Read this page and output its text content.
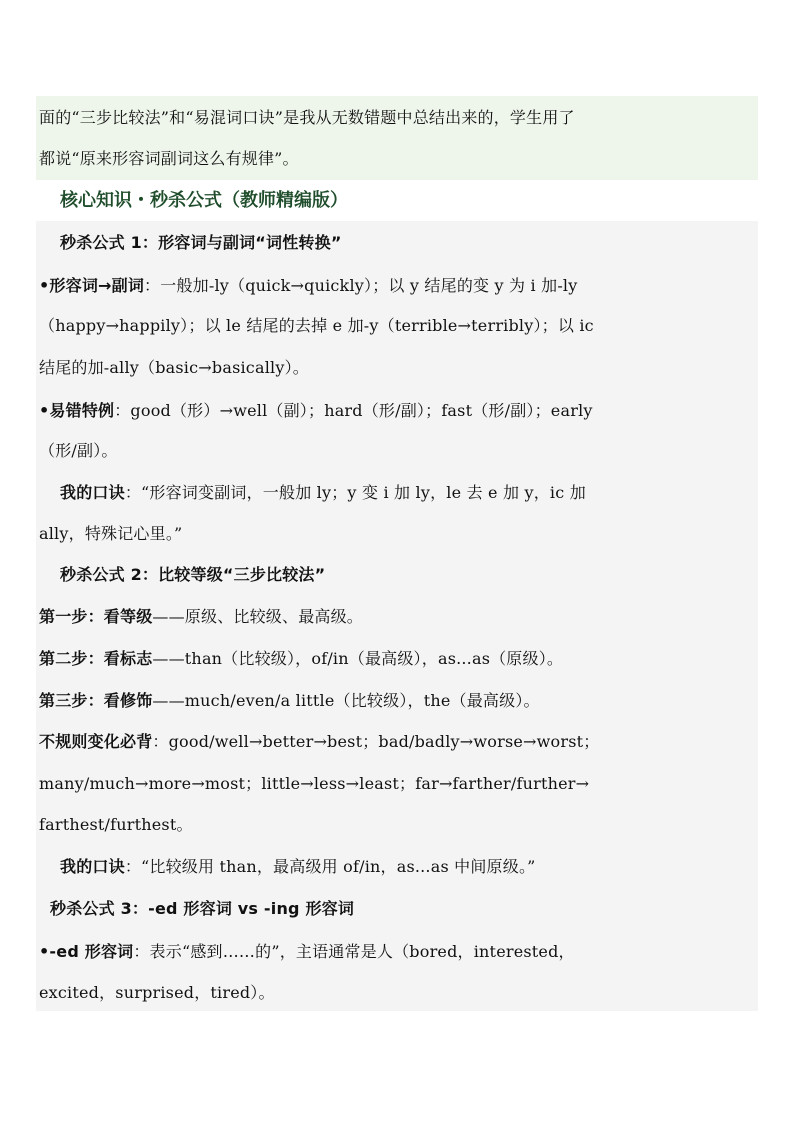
面的“三步比较法”和“易混词口诀”是我从无数错题中总结出来的，学生用了
都说“原来形容词副词这么有规律”。
核心知识・秒杀公式（教师精编版）
秒杀公式 1：形容词与副词“词性转换”
•形容词→副词：一般加-ly（quick→quickly）；以 y 结尾的变 y 为 i 加-ly
（happy→happily）；以 le 结尾的去掉 e 加-y（terrible→terribly）；以 ic
结尾的加-ally（basic→basically）。
•易错特例：good（形）→well（副）；hard（形/副）；fast（形/副）；early
（形/副）。
我的口诀：“形容词变副词，一般加 ly；y 变 i 加 ly，le 去 e 加 y，ic 加
ally，特殊记心里。”
秒杀公式 2：比较等级“三步比较法”
第一步：看等级——原级、比较级、最高级。
第二步：看标志——than（比较级），of/in（最高级），as...as（原级）。
第三步：看修饰——much/even/a little（比较级），the（最高级）。
不规则变化必背：good/well→better→best；bad/badly→worse→worst；
many/much→more→most；little→less→least；far→farther/further→
farthest/furthest。
我的口诀：“比较级用 than，最高级用 of/in，as...as 中间原级。”
秒杀公式 3：-ed 形容词 vs -ing 形容词
•-ed 形容词：表示“感到……的”，主语通常是人（bored，interested，
excited，surprised，tired）。
